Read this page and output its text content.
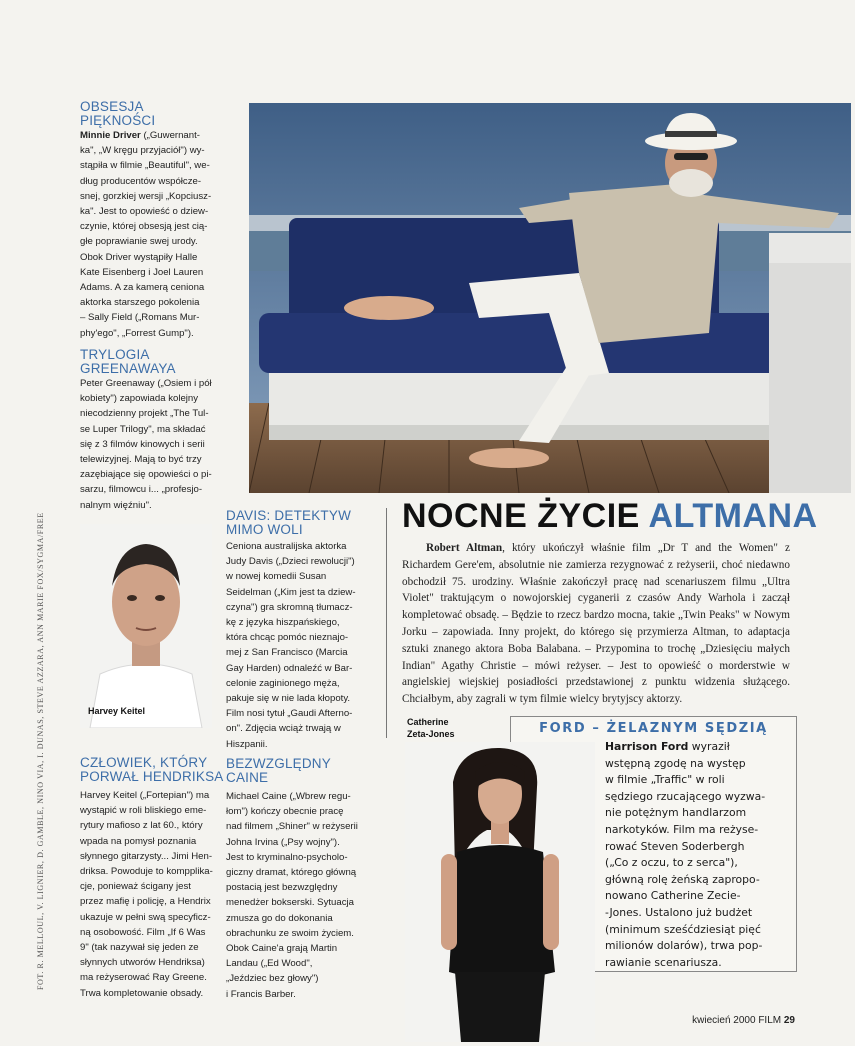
FOT. R. MELLOUL, V. LIGNIER, D. GAMBLE, NINO VIA, I. DUNAS, STEVE AZZARA, ANN MARIE FOX/SYGMA/FREE
OBSESJA
PIĘKNOŚCI

Minnie Driver („Guwernant-
ka", „W kręgu przyjaciół") wy-
stąpiła w filmie „Beautiful", we-
dług producentów współcze-
snej, gorzkiej wersji „Kopciusz-
ka". Jest to opowieść o dziew-
czynie, której obsesją jest cią-
głe poprawianie swej urody.
Obok Driver wystąpiły Halle
Kate Eisenberg i Joel Lauren
Adams. A za kamerą ceniona
aktorka starszego pokolenia
– Sally Field („Romans Mur-
phy'ego", „Forrest Gump").

TRYLOGIA
GREENAWAYA

Peter Greenaway („Osiem i pół
kobiety") zapowiada kolejny
niecodzienny projekt „The Tul-
se Luper Trilogy", ma składać
się z 3 filmów kinowych i serii
telewizyjnej. Mają to być trzy
zazębiające się opowieści o pi-
sarzu, filmowcu i... „profesjo-
nalnym więźniu".

Harvey Keitel
DAVIS: DETEKTYW
MIMO WOLI

Ceniona australijska aktorka
Judy Davis („Dzieci rewolucji")
w nowej komedii Susan
Seidelman („Kim jest ta dziew-
czyna") gra skromną tłumacz-
kę z języka hiszpańskiego,
która chcąc pomóc nieznajo-
mej z San Francisco (Marcia
Gay Harden) odnaleźć w Bar-
celonie zaginionego męża,
pakuje się w nie lada kłopoty.
Film nosi tytuł „Gaudi Afterno-
on". Zdjęcia wciąż trwają w
Hiszpanii.

NOCNE ŻYCIE ALTMANA

Robert Altman, który ukończył właśnie film „Dr T and the Women" z Richardem Gere'em, absolutnie nie zamierza rezygnować z reżyserii, choć niedawno obchodził 75. urodziny. Właśnie zakończył pracę nad scenariuszem filmu „Ultra Violet" traktującym o nowojorskiej cyganerii z czasów Andy Warhola i zaczął kompletować obsadę. – Będzie to rzecz bardzo mocna, takie „Twin Peaks" w Nowym Jorku – zapowiada. Inny projekt, do którego się przymierza Altman, to adaptacja sztuki znanego aktora Boba Balabana. – Przypomina to trochę „Dziesięciu małych Indian" Agathy Christie – mówi reżyser. – Jest to opowieść o morderstwie w angielskiej wiejskiej posiadłości przedstawionej z punktu widzenia służącego. Chciałbym, aby zagrali w tym filmie wielcy brytyjscy aktorzy.

CZŁOWIEK, KTÓRY
PORWAŁ HENDRIKSA

Harvey Keitel („Fortepian") ma
wystąpić w roli bliskiego eme-
rytury mafioso z lat 60., który
wpada na pomysł poznania
słynnego gitarzysty... Jimi Hen-
driksa. Powoduje to kompplika-
cje, ponieważ ścigany jest
przez mafię i policję, a Hendrix
ukazuje w pełni swą specyficz-
ną osobowość. Film „If 6 Was
9" (tak nazywał się jeden ze
słynnych utworów Hendriksa)
ma reżyserować Ray Greene.
Trwa kompletowanie obsady.

BEZWZGLĘDNY
CAINE

Michael Caine („Wbrew regu-
łom") kończy obecnie pracę
nad filmem „Shiner" w reżyserii
Johna Irvina („Psy wojny").
Jest to kryminalno-psycholo-
giczny dramat, którego główną
postacią jest bezwzględny
menedżer bokserski. Sytuacja
zmusza go do dokonania
obrachunku ze swoim życiem.
Obok Caine'a grają Martin
Landau („Ed Wood",
„Jeździec bez głowy")
i Francis Barber.

Catherine
Zeta-Jones	FORD – ŻELAZNYM SĘDZIĄ

Harrison Ford wyraził
wstępną zgodę na występ
w filmie „Traffic" w roli
sędziego rzucającego wyzwa-
nie potężnym handlarzom
narkotyków. Film ma reżyse-
rować Steven Soderbergh
(„Co z oczu, to z serca"),
główną rolę żeńską zapropo-
nowano Catherine Zecie-
-Jones. Ustalono już budżet
(minimum sześćdziesiąt pięć
milionów dolarów), trwa pop-
rawianie scenariusza.

kwiecień 2000 FILM 29
